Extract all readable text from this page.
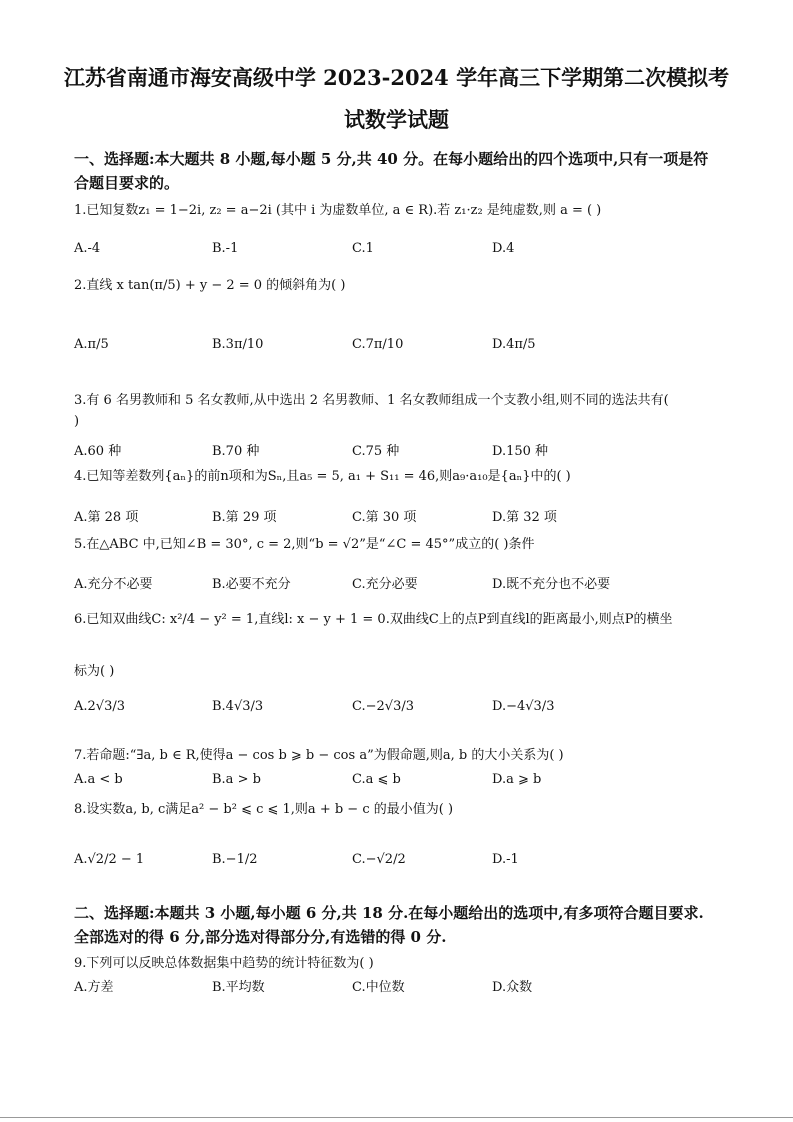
江苏省南通市海安高级中学 2023-2024 学年高三下学期第二次模拟考
试数学试题
一、选择题:本大题共 8 小题,每小题 5 分,共 40 分。在每小题给出的四个选项中,只有一项是符
合题目要求的。
1.已知复数z₁ = 1−2i, z₂ = a−2i (其中 i 为虚数单位, a ∈ R).若 z₁·z₂ 是纯虚数,则 a = ( )
A.-4	B.-1	C.1	D.4
2.直线 x tan(π/5) + y − 2 = 0 的倾斜角为( )
A.π/5	B.3π/10	C.7π/10	D.4π/5
3.有 6 名男教师和 5 名女教师,从中选出 2 名男教师、1 名女教师组成一个支教小组,则不同的选法共有(
)
A.60 种	B.70 种	C.75 种	D.150 种
4.已知等差数列{aₙ}的前n项和为Sₙ,且a₅ = 5, a₁ + S₁₁ = 46,则a₉·a₁₀是{aₙ}中的( )
A.第 28 项	B.第 29 项	C.第 30 项	D.第 32 项
5.在△ABC 中,已知∠B = 30°, c = 2,则“b = √2”是“∠C = 45°”成立的( )条件
A.充分不必要	B.必要不充分	C.充分必要	D.既不充分也不必要
6.已知双曲线C: x²/4 − y² = 1,直线l: x − y + 1 = 0.双曲线C上的点P到直线l的距离最小,则点P的横坐
标为( )
A.2√3/3	B.4√3/3	C.−2√3/3	D.−4√3/3
7.若命题:“∃a, b ∈ R,使得a − cos b ⩾ b − cos a”为假命题,则a, b 的大小关系为( )
A.a < b	B.a > b	C.a ⩽ b	D.a ⩾ b
8.设实数a, b, c满足a² − b² ⩽ c ⩽ 1,则a + b − c 的最小值为( )
A.√2/2 − 1	B.−1/2	C.−√2/2	D.-1
二、选择题:本题共 3 小题,每小题 6 分,共 18 分.在每小题给出的选项中,有多项符合题目要求.
全部选对的得 6 分,部分选对得部分分,有选错的得 0 分.
9.下列可以反映总体数据集中趋势的统计特征数为( )
A.方差	B.平均数	C.中位数	D.众数
